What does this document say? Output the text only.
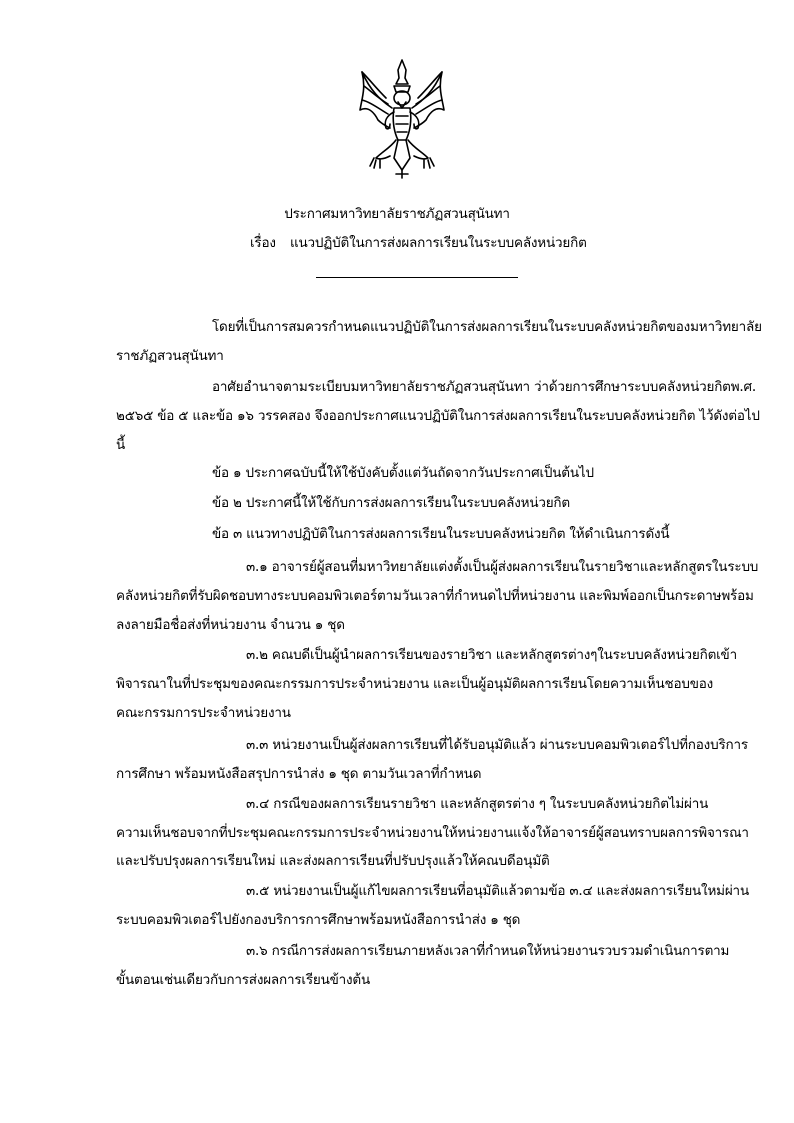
ประกาศมหาวิทยาลัยราชภัฏสวนสุนันทา
เรื่อง แนวปฏิบัติในการส่งผลการเรียนในระบบคลังหน่วยกิต
โดยที่เป็นการสมควรกำหนดแนวปฏิบัติในการส่งผลการเรียนในระบบคลังหน่วยกิตของมหาวิทยาลัย
ราชภัฏสวนสุนันทา
อาศัยอำนาจตามระเบียบมหาวิทยาลัยราชภัฏสวนสุนันทา ว่าด้วยการศึกษาระบบคลังหน่วยกิตพ.ศ.
๒๕๖๕ ข้อ ๕ และข้อ ๑๖ วรรคสอง จึงออกประกาศแนวปฏิบัติในการส่งผลการเรียนในระบบคลังหน่วยกิต ไว้ดังต่อไป
นี้
ข้อ ๑ ประกาศฉบับนี้ให้ใช้บังคับตั้งแต่วันถัดจากวันประกาศเป็นต้นไป
ข้อ ๒ ประกาศนี้ให้ใช้กับการส่งผลการเรียนในระบบคลังหน่วยกิต
ข้อ ๓ แนวทางปฏิบัติในการส่งผลการเรียนในระบบคลังหน่วยกิต ให้ดำเนินการดังนี้
๓.๑ อาจารย์ผู้สอนที่มหาวิทยาลัยแต่งตั้งเป็นผู้ส่งผลการเรียนในรายวิชาและหลักสูตรในระบบ
คลังหน่วยกิตที่รับผิดชอบทางระบบคอมพิวเตอร์ตามวันเวลาที่กำหนดไปที่หน่วยงาน และพิมพ์ออกเป็นกระดาษพร้อม
ลงลายมือชื่อส่งที่หน่วยงาน จำนวน ๑ ชุด
๓.๒ คณบดีเป็นผู้นำผลการเรียนของรายวิชา และหลักสูตรต่างๆในระบบคลังหน่วยกิตเข้า
พิจารณาในที่ประชุมของคณะกรรมการประจำหน่วยงาน และเป็นผู้อนุมัติผลการเรียนโดยความเห็นชอบของ
คณะกรรมการประจำหน่วยงาน
๓.๓ หน่วยงานเป็นผู้ส่งผลการเรียนที่ได้รับอนุมัติแล้ว ผ่านระบบคอมพิวเตอร์ไปที่กองบริการ
การศึกษา พร้อมหนังสือสรุปการนำส่ง ๑ ชุด ตามวันเวลาที่กำหนด
๓.๔ กรณีของผลการเรียนรายวิชา และหลักสูตรต่าง ๆ ในระบบคลังหน่วยกิตไม่ผ่าน
ความเห็นชอบจากที่ประชุมคณะกรรมการประจำหน่วยงานให้หน่วยงานแจ้งให้อาจารย์ผู้สอนทราบผลการพิจารณา
และปรับปรุงผลการเรียนใหม่ และส่งผลการเรียนที่ปรับปรุงแล้วให้คณบดีอนุมัติ
๓.๕ หน่วยงานเป็นผู้แก้ไขผลการเรียนที่อนุมัติแล้วตามข้อ ๓.๔ และส่งผลการเรียนใหม่ผ่าน
ระบบคอมพิวเตอร์ไปยังกองบริการการศึกษาพร้อมหนังสือการนำส่ง ๑ ชุด
๓.๖ กรณีการส่งผลการเรียนภายหลังเวลาที่กำหนดให้หน่วยงานรวบรวมดำเนินการตาม
ขั้นตอนเช่นเดียวกับการส่งผลการเรียนข้างต้น
